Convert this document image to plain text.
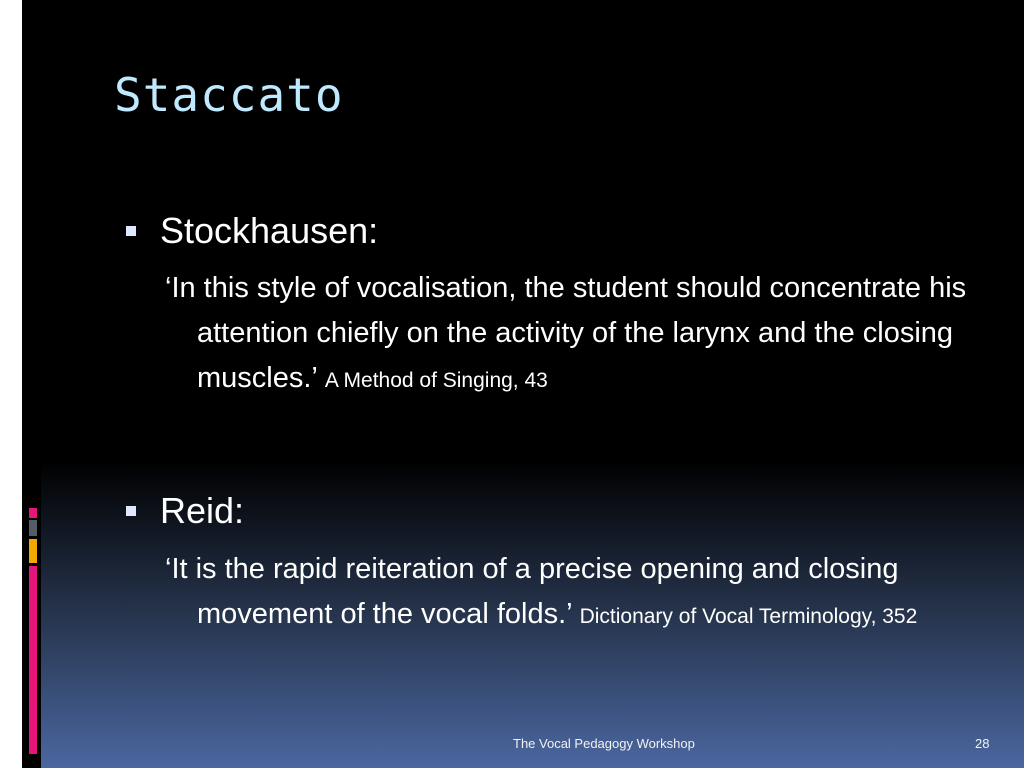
Staccato
Stockhausen:
‘In this style of vocalisation, the student should concentrate his attention chiefly on the activity of the larynx and the closing muscles.’ A Method of Singing, 43
Reid:
‘It is the rapid reiteration of a precise opening and closing movement of the vocal folds.’ Dictionary of Vocal Terminology, 352
The Vocal Pedagogy Workshop	28
